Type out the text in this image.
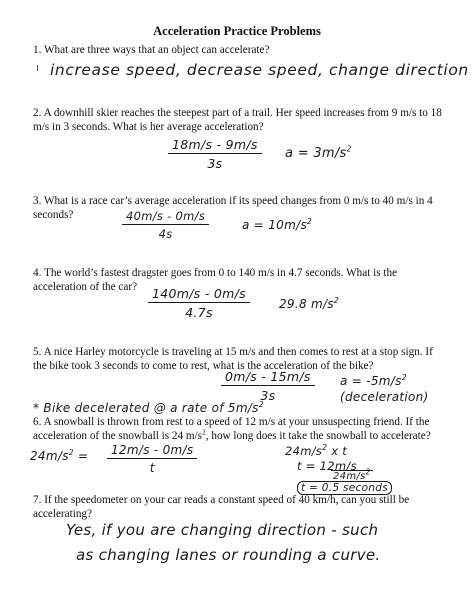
Acceleration Practice Problems
1. What are three ways that an object can accelerate?
increase speed, decrease speed, change direction
2. A downhill skier reaches the steepest part of a trail. Her speed increases from 9 m/s to 18 m/s in 3 seconds. What is her average acceleration?
18m/s - 9m/s
3s
$a = 3m/s^2$
3. What is a race car’s average acceleration if its speed changes from 0 m/s to 40 m/s in 4 seconds?	40m/s - 0m/s
4s
$a = 10m/s^2$
4. The world’s fastest dragster goes from 0 to 140 m/s in 4.7 seconds. What is the acceleration of the car?	140m/s - 0m/s
4.7s
29.8 $m/s^2$
5. A nice Harley motorcycle is traveling at 15 m/s and then comes to rest at a stop sign. If the bike took 3 seconds to come to rest, what is the acceleration of the bike?
0m/s - 15m/s
3s
$a = -5m/s^2$
(deceleration)
* Bike decelerated @ a rate of $5m/s^2$
6. A snowball is thrown from rest to a speed of 12 m/s at your unsuspecting friend. If the acceleration of the snowball is 24 $m/s^2$, how long does it take the snowball to accelerate?
$24m/s^2$ =	12m/s - 0m/s
t
$24m/s^2$ x t
t = 12m/s
$24m/s^2$
t = 0.5 seconds
7. If the speedometer on your car reads a constant speed of 40 km/h, can you still be accelerating?
Yes, if you are changing direction - such
as changing lanes or rounding a curve.
